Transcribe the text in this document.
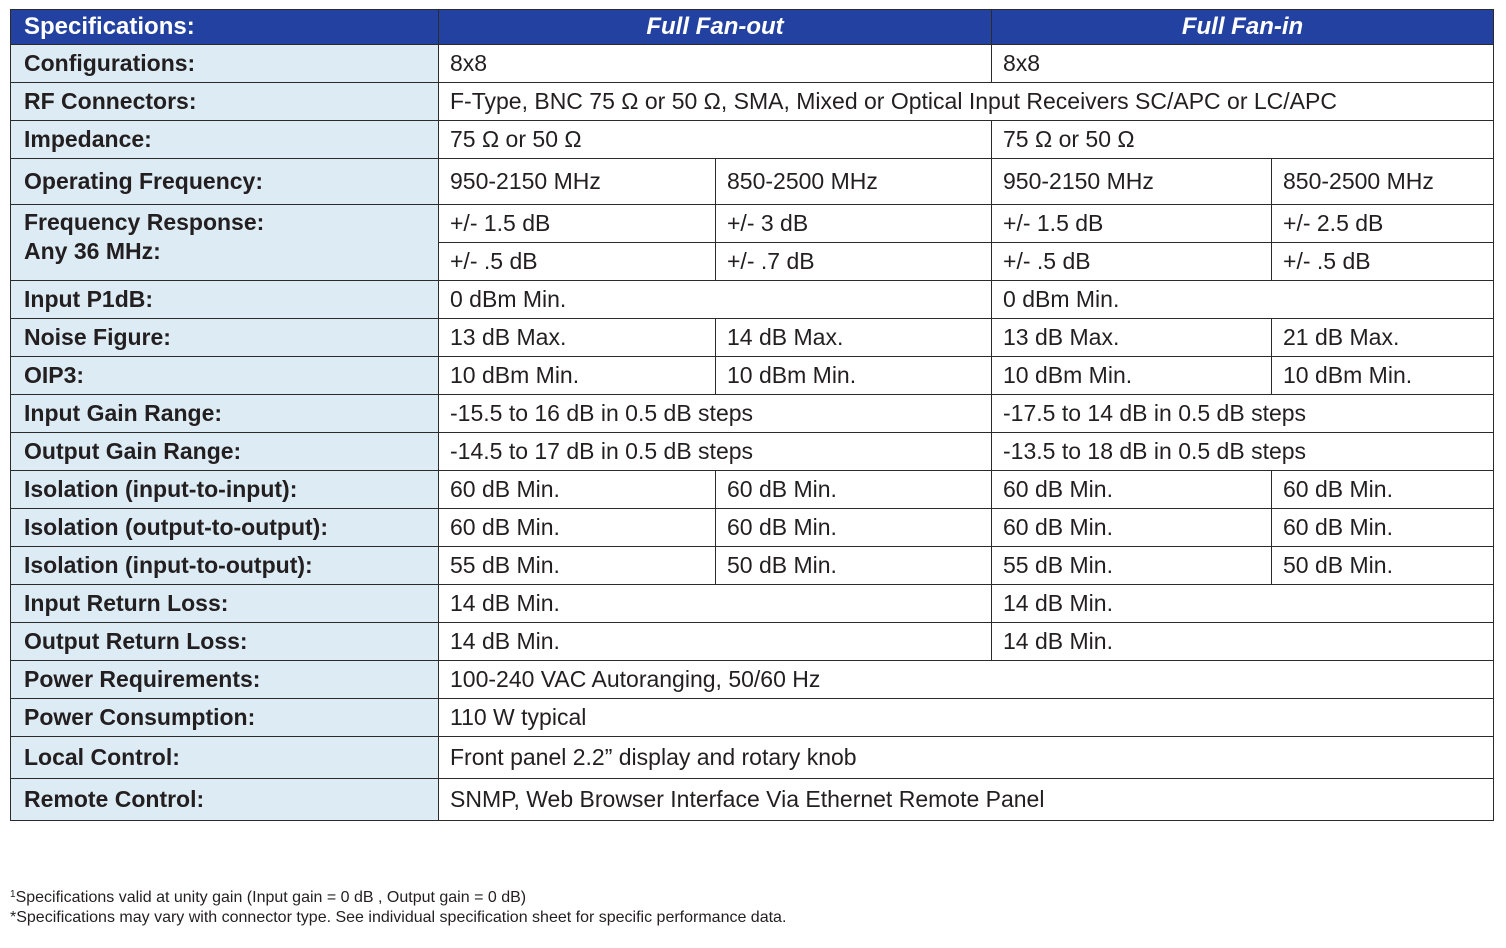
Specifications:	Full Fan-out		Full Fan-in	
Configurations:	8x8		8x8	
RF Connectors:	F-Type, BNC 75 Ω or 50 Ω, SMA, Mixed or Optical Input Receivers SC/APC or LC/APC			
Impedance:	75 Ω or 50 Ω		75 Ω or 50 Ω	
Operating Frequency:	950-2150 MHz	850-2500 MHz	950-2150 MHz	850-2500 MHz

Frequency Response:
Any 36 MHz:	+/- 1.5 dB	+/- 3 dB	+/- 1.5 dB	+/- 2.5 dB
	+/- .5 dB	+/- .7 dB	+/- .5 dB	+/- .5 dB
Input P1dB:	0 dBm Min.		0 dBm Min.	
Noise Figure:	13 dB Max.	14 dB Max.	13 dB Max.	21 dB Max.
OIP3:	10 dBm Min.	10 dBm Min.	10 dBm Min.	10 dBm Min.
Input Gain Range:	-15.5 to 16 dB in 0.5 dB steps		-17.5 to 14 dB in 0.5 dB steps	
Output Gain Range:	-14.5 to 17 dB in 0.5 dB steps		-13.5 to 18 dB in 0.5 dB steps	
Isolation (input-to-input):	60 dB Min.	60 dB Min.	60 dB Min.	60 dB Min.
Isolation (output-to-output):	60 dB Min.	60 dB Min.	60 dB Min.	60 dB Min.
Isolation (input-to-output):	55 dB Min.	50 dB Min.	55 dB Min.	50 dB Min.
Input Return Loss:	14 dB Min.		14 dB Min.	
Output Return Loss:	14 dB Min.		14 dB Min.	
Power Requirements:	100-240 VAC Autoranging, 50/60 Hz			
Power Consumption:	110 W typical			
Local Control:	Front panel 2.2” display and rotary knob			
Remote Control:	SNMP, Web Browser Interface Via Ethernet Remote Panel			
$^1$Specifications valid at unity gain (Input gain = 0 dB , Output gain = 0 dB)
*Specifications may vary with connector type. See individual specification sheet for specific performance data.
